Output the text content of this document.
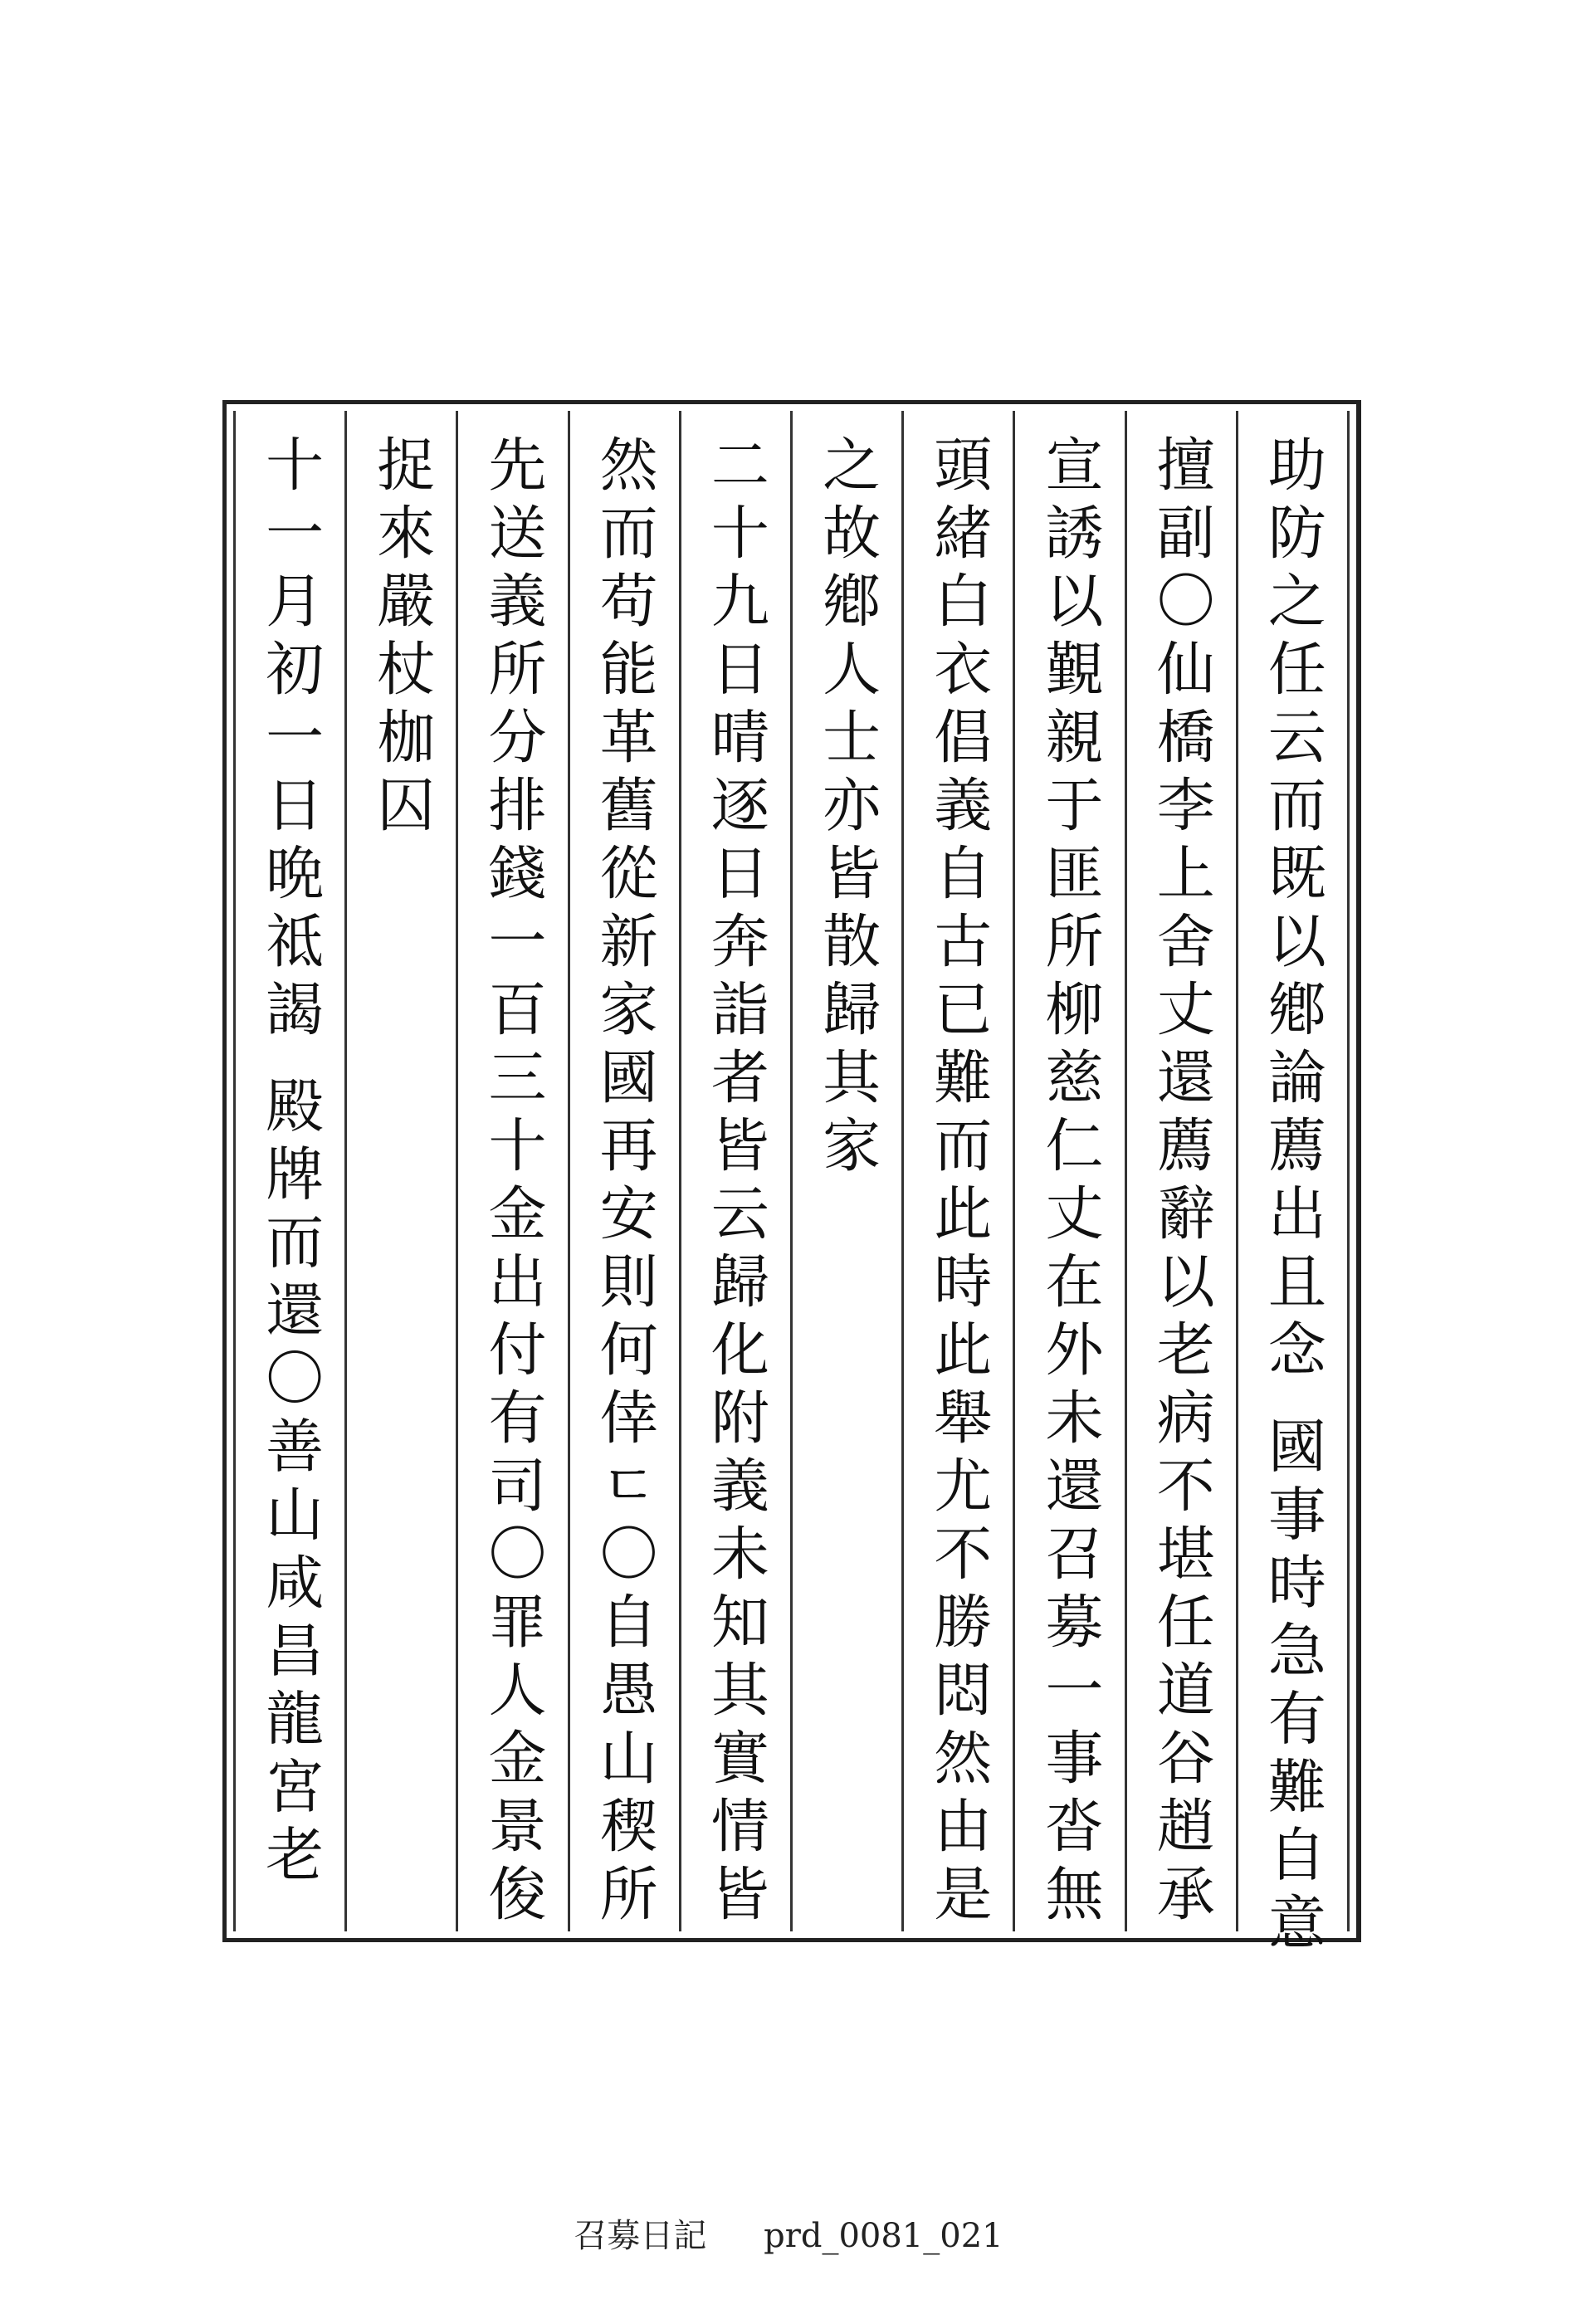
助防之任云而既以鄕論薦出且念 國事時急有難自意
擅副〇仙橋李上舍丈還薦辭以老病不堪任道谷趙承
宣誘以覲親于匪所柳慈仁丈在外未還召募一事沓無
頭緒白衣倡義自古已難而此時此舉尤不勝悶然由是
之故鄕人士亦皆散歸其家
二十九日晴逐日奔詣者皆云歸化附義未知其實情皆
然而苟能革舊從新家國再安則何倖ㄷ〇自愚山稧所
先送義所分排錢一百三十金出付有司〇罪人金景俊
捉來嚴杖枷囚
十一月初一日晩祗謁 殿牌而還〇善山咸昌龍宮老
召募日記 prd_0081_021
